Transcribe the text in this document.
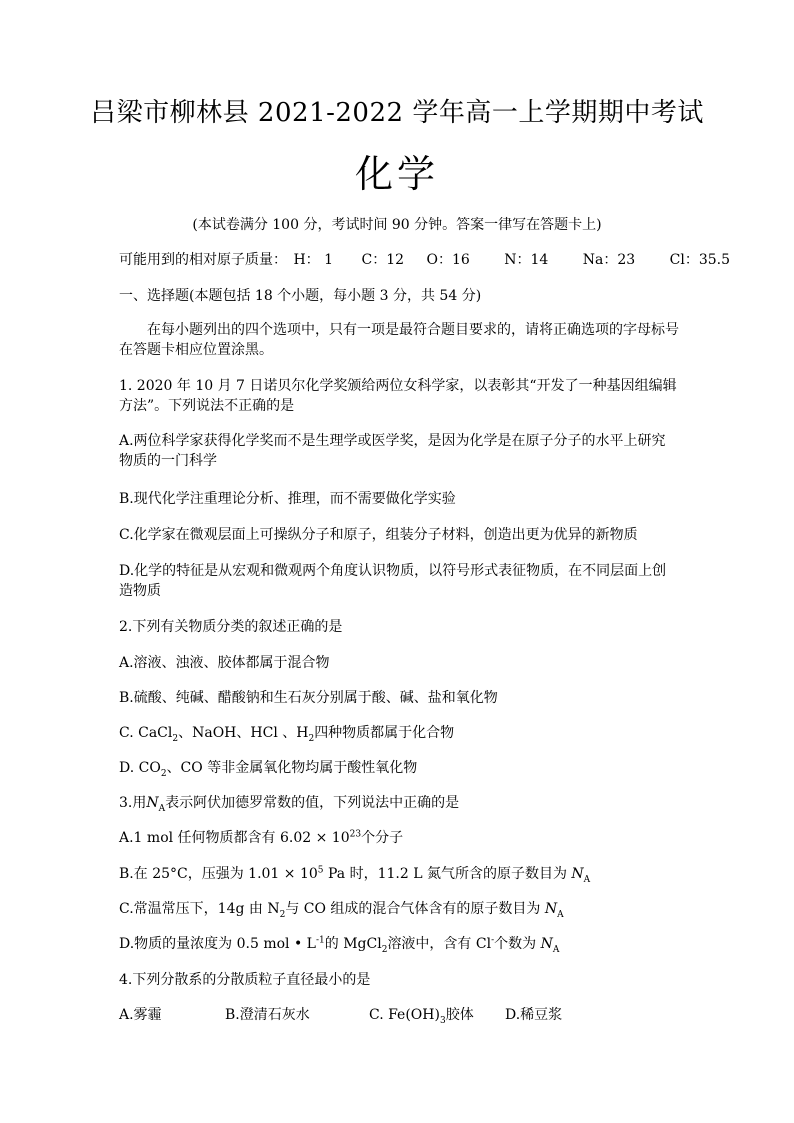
吕梁市柳林县 2021-2022 学年高一上学期期中考试
化学
(本试卷满分 100 分，考试时间 90 分钟。答案一律写在答题卡上)
可能用到的相对原子质量： H： 1 C：12 O：16 N：14 Na：23 Cl：35.5
一、选择题(本题包括 18 个小题，每小题 3 分，共 54 分)
在每小题列出的四个选项中，只有一项是最符合题目要求的，请将正确选项的字母标号在答题卡相应位置涂黑。
1. 2020 年 10 月 7 日诺贝尔化学奖颁给两位女科学家，以表彰其“开发了一种基因组编辑方法”。下列说法不正确的是
A.两位科学家获得化学奖而不是生理学或医学奖，是因为化学是在原子分子的水平上研究物质的一门科学
B.现代化学注重理论分析、推理，而不需要做化学实验
C.化学家在微观层面上可操纵分子和原子，组装分子材料，创造出更为优异的新物质
D.化学的特征是从宏观和微观两个角度认识物质，以符号形式表征物质，在不同层面上创造物质
2.下列有关物质分类的叙述正确的是
A.溶液、浊液、胶体都属于混合物
B.硫酸、纯碱、醋酸钠和生石灰分别属于酸、碱、盐和氧化物
C. CaCl$_2$、NaOH、HCl 、$H_2$四种物质都属于化合物
D. $CO_2$、CO 等非金属氧化物均属于酸性氧化物
3.用$N_A$表示阿伏加德罗常数的值，下列说法中正确的是
A.1 mol 任何物质都含有 $6.02 \times 10^{23}$个分子
B.在 25°C，压强为 $1.01 \times 10^5$ Pa 时，11.2 L 氮气所含的原子数目为 $N_A$
C.常温常压下，14g 由 $N_2$与 CO 组成的混合气体含有的原子数目为 $N_A$
D.物质的量浓度为 0.5 mol • $L^{-1}$的 MgCl$_2$溶液中，含有 Cl-个数为 $N_A$
4.下列分散系的分散质粒子直径最小的是
A.雾霾	B.澄清石灰水	C. $Fe(OH)_3$胶体 D.稀豆浆
